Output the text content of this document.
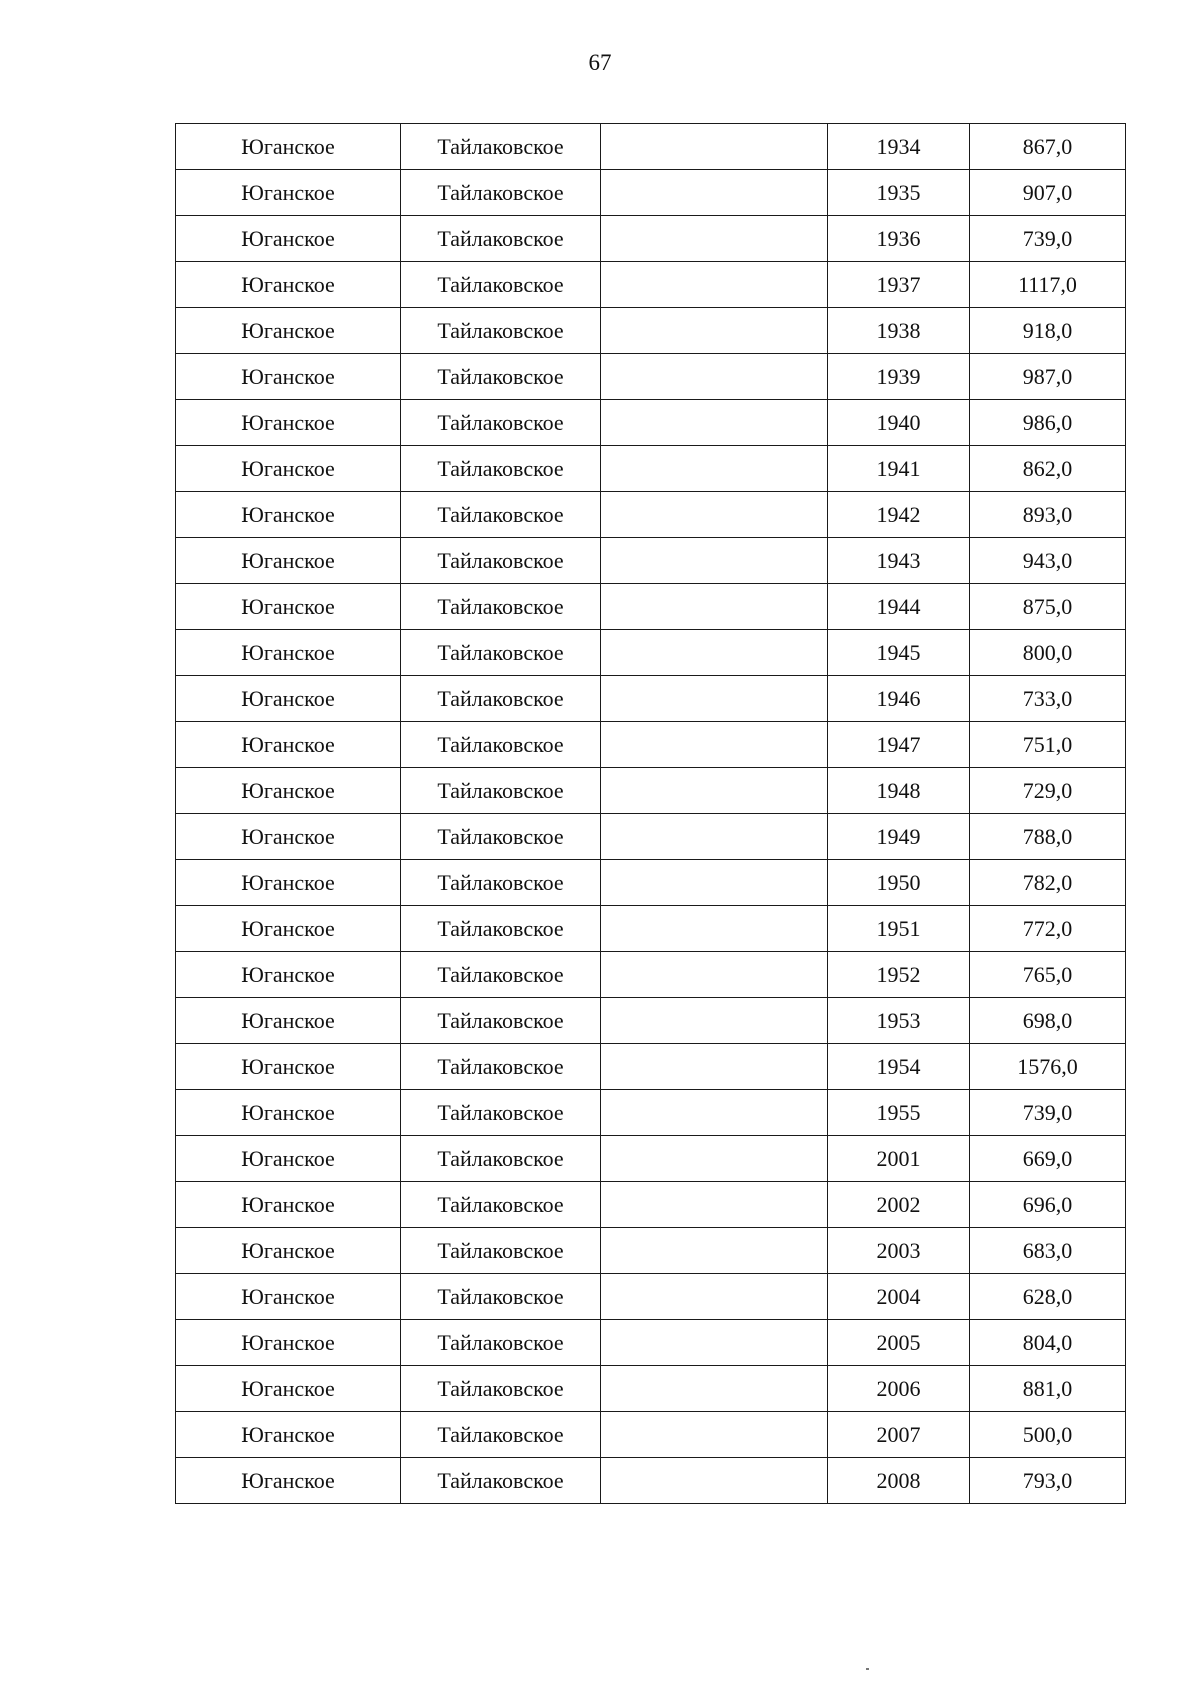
67
Юганское	Тайлаковское		1934	867,0
Юганское	Тайлаковское		1935	907,0
Юганское	Тайлаковское		1936	739,0
Юганское	Тайлаковское		1937	1117,0
Юганское	Тайлаковское		1938	918,0
Юганское	Тайлаковское		1939	987,0
Юганское	Тайлаковское		1940	986,0
Юганское	Тайлаковское		1941	862,0
Юганское	Тайлаковское		1942	893,0
Юганское	Тайлаковское		1943	943,0
Юганское	Тайлаковское		1944	875,0
Юганское	Тайлаковское		1945	800,0
Юганское	Тайлаковское		1946	733,0
Юганское	Тайлаковское		1947	751,0
Юганское	Тайлаковское		1948	729,0
Юганское	Тайлаковское		1949	788,0
Юганское	Тайлаковское		1950	782,0
Юганское	Тайлаковское		1951	772,0
Юганское	Тайлаковское		1952	765,0
Юганское	Тайлаковское		1953	698,0
Юганское	Тайлаковское		1954	1576,0
Юганское	Тайлаковское		1955	739,0
Юганское	Тайлаковское		2001	669,0
Юганское	Тайлаковское		2002	696,0
Юганское	Тайлаковское		2003	683,0
Юганское	Тайлаковское		2004	628,0
Юганское	Тайлаковское		2005	804,0
Юганское	Тайлаковское		2006	881,0
Юганское	Тайлаковское		2007	500,0
Юганское	Тайлаковское		2008	793,0
